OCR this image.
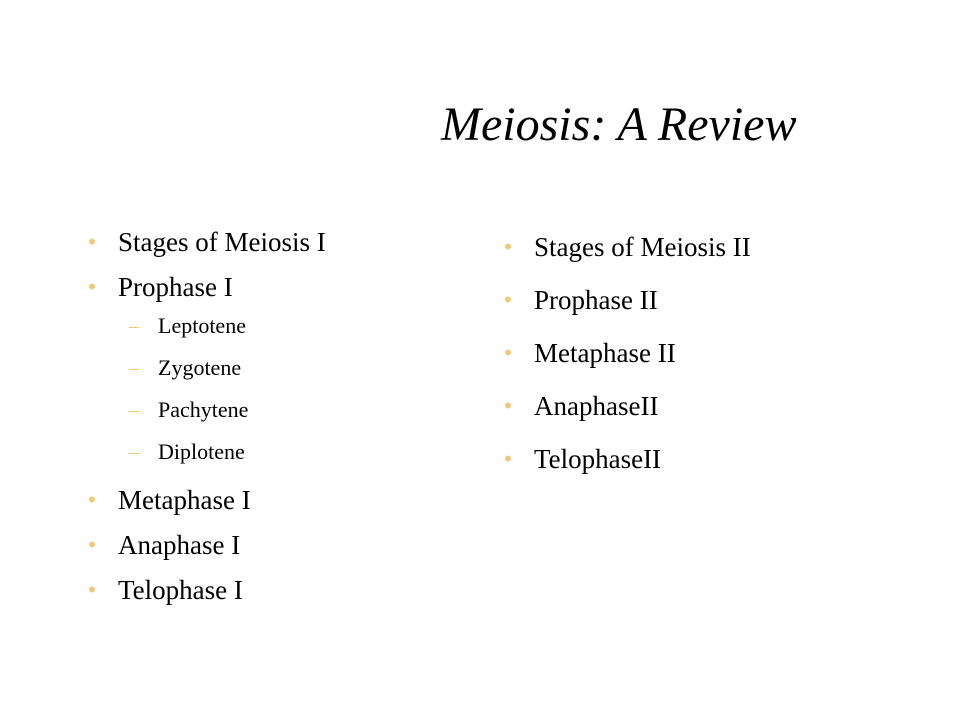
Meiosis: A Review
• Stages of Meiosis I
• Prophase I
– Leptotene
– Zygotene
– Pachytene
– Diplotene
• Metaphase I
• Anaphase I
• Telophase I
• Stages of Meiosis II
• Prophase II
• Metaphase II
• AnaphaseII
• TelophaseII
